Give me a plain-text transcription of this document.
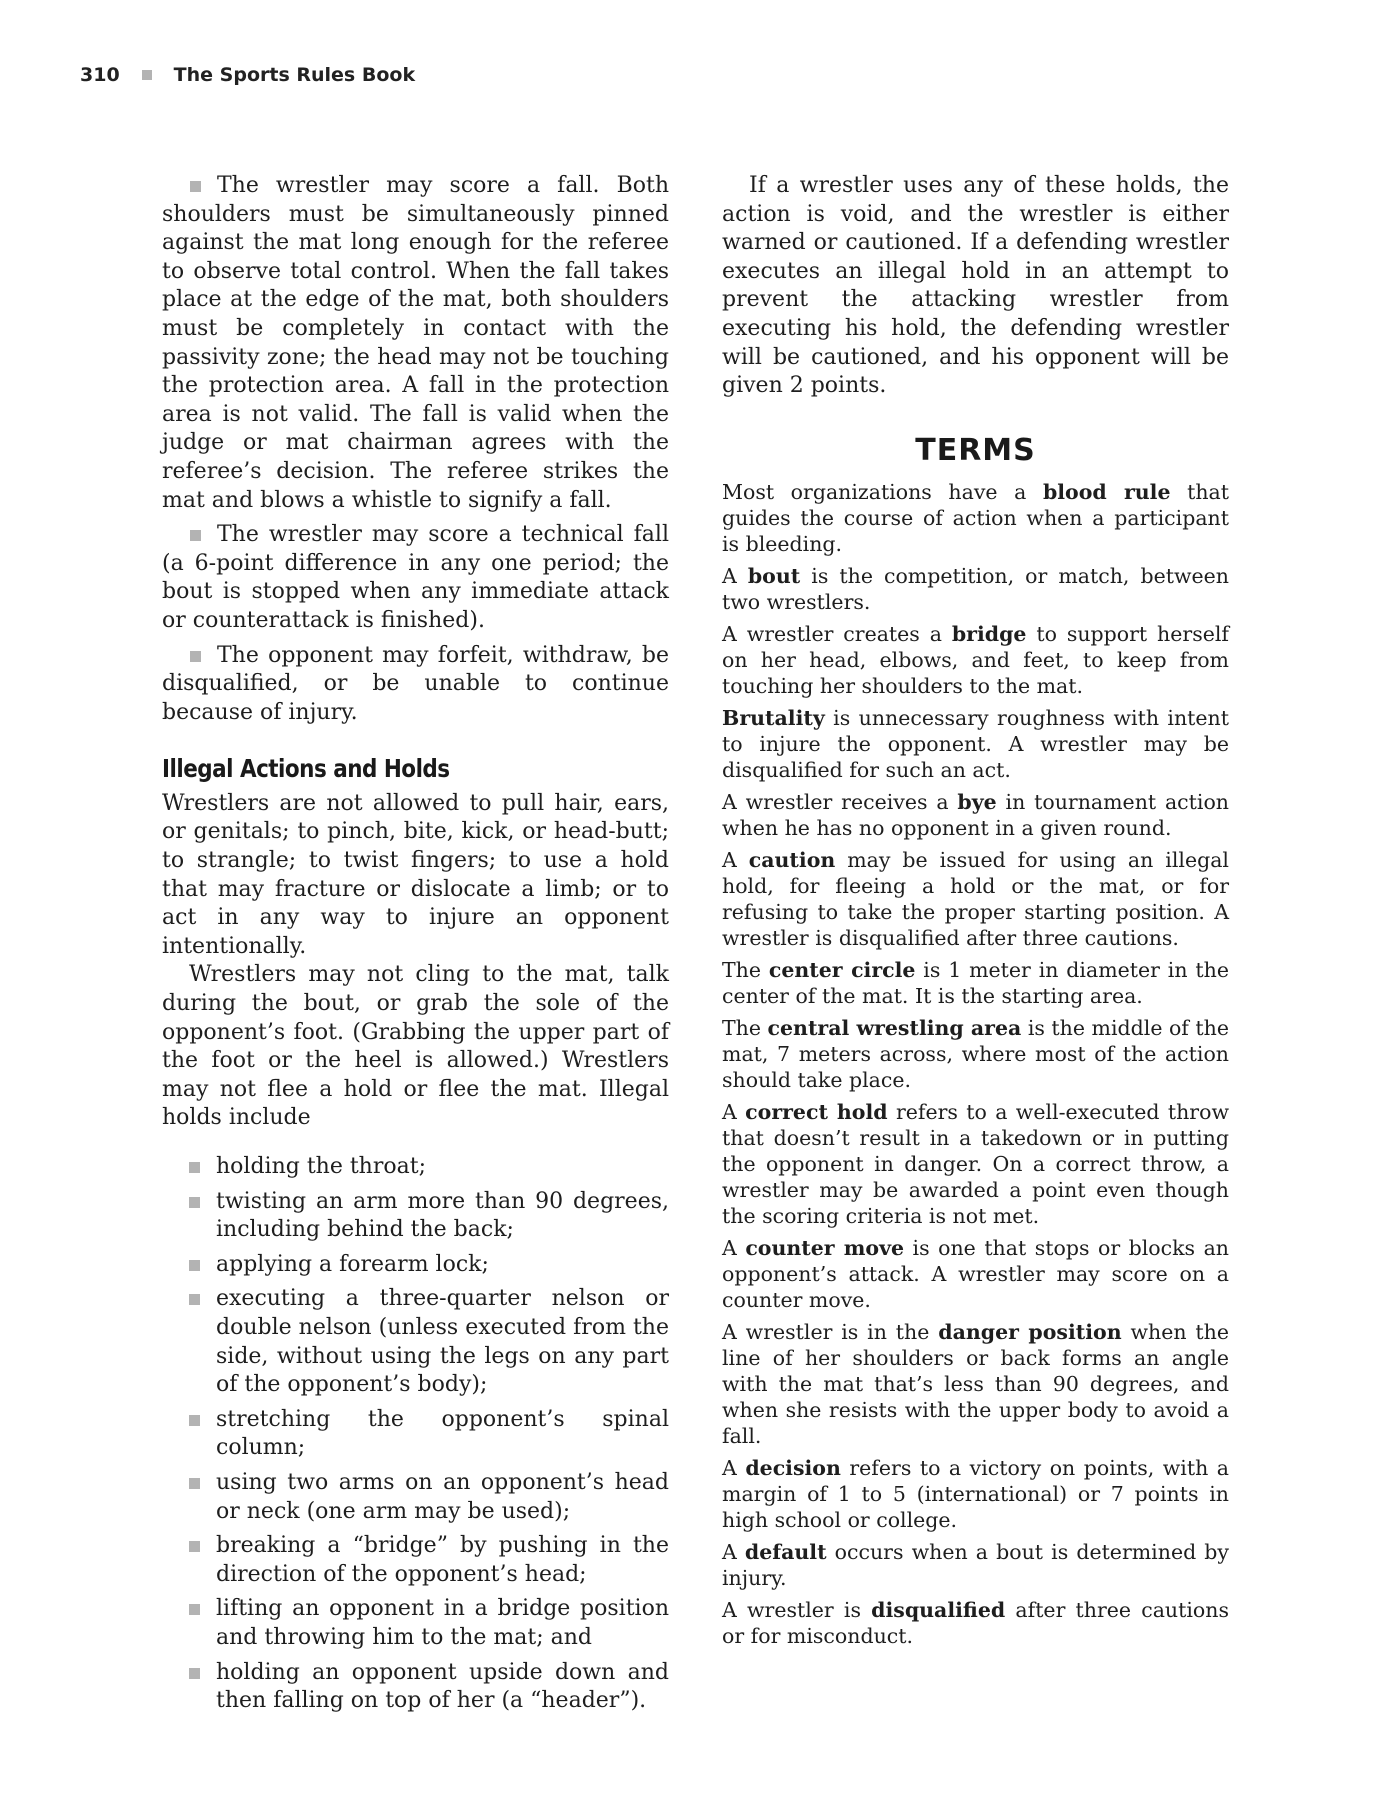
310	The Sports Rules Book

The wrestler may score a fall. Both shoulders must be simultaneously pinned against the mat long enough for the referee to observe total control. When the fall takes place at the edge of the mat, both shoulders must be completely in contact with the passivity zone; the head may not be touching the protection area. A fall in the protection area is not valid. The fall is valid when the judge or mat chairman agrees with the referee’s decision. The referee strikes the mat and blows a whistle to signify a fall.

The wrestler may score a technical fall (a 6-point difference in any one period; the bout is stopped when any immediate attack or counterattack is finished).

The opponent may forfeit, withdraw, be disqualified, or be unable to continue because of injury.

Illegal Actions and Holds

Wrestlers are not allowed to pull hair, ears, or genitals; to pinch, bite, kick, or head-butt; to strangle; to twist fingers; to use a hold that may fracture or dislocate a limb; or to act in any way to injure an opponent intentionally.

Wrestlers may not cling to the mat, talk during the bout, or grab the sole of the opponent’s foot. (Grabbing the upper part of the foot or the heel is allowed.) Wrestlers may not flee a hold or flee the mat. Illegal holds include

holding the throat;
twisting an arm more than 90 degrees, including behind the back;
applying a forearm lock;
executing a three-quarter nelson or double nelson (unless executed from the side, without using the legs on any part of the opponent’s body);
stretching the opponent’s spinal column;
using two arms on an opponent’s head or neck (one arm may be used);
breaking a “bridge” by pushing in the direction of the opponent’s head;
lifting an opponent in a bridge position and throwing him to the mat; and
holding an opponent upside down and then falling on top of her (a “header”).

If a wrestler uses any of these holds, the action is void, and the wrestler is either warned or cautioned. If a defending wrestler executes an illegal hold in an attempt to prevent the attacking wrestler from executing his hold, the defending wrestler will be cautioned, and his opponent will be given 2 points.

TERMS

Most organizations have a blood rule that guides the course of action when a participant is bleeding.

A bout is the competition, or match, between two wrestlers.

A wrestler creates a bridge to support herself on her head, elbows, and feet, to keep from touching her shoulders to the mat.

Brutality is unnecessary roughness with intent to injure the opponent. A wrestler may be disqualified for such an act.

A wrestler receives a bye in tournament action when he has no opponent in a given round.

A caution may be issued for using an illegal hold, for fleeing a hold or the mat, or for refusing to take the proper starting position. A wrestler is disqualified after three cautions.

The center circle is 1 meter in diameter in the center of the mat. It is the starting area.

The central wrestling area is the middle of the mat, 7 meters across, where most of the action should take place.

A correct hold refers to a well-executed throw that doesn’t result in a takedown or in putting the opponent in danger. On a correct throw, a wrestler may be awarded a point even though the scoring criteria is not met.

A counter move is one that stops or blocks an opponent’s attack. A wrestler may score on a counter move.

A wrestler is in the danger position when the line of her shoulders or back forms an angle with the mat that’s less than 90 degrees, and when she resists with the upper body to avoid a fall.

A decision refers to a victory on points, with a margin of 1 to 5 (international) or 7 points in high school or college.

A default occurs when a bout is determined by injury.

A wrestler is disqualified after three cautions or for misconduct.
